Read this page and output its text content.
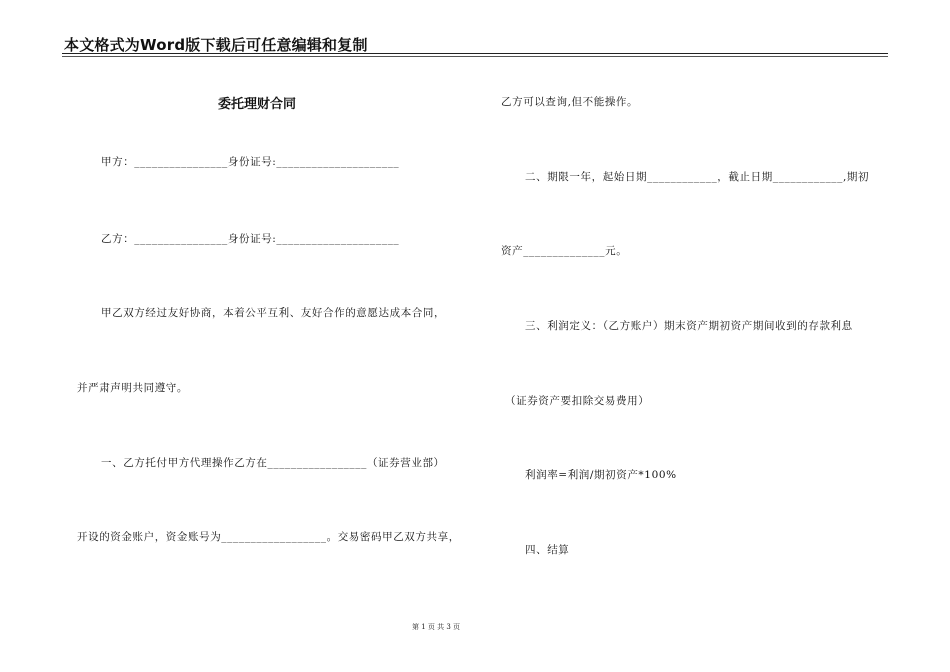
本文格式为Word版下载后可任意编辑和复制
委托理财合同
甲方：________________身份证号:_____________________
乙方：________________身份证号:_____________________
甲乙双方经过友好协商，本着公平互利、友好合作的意愿达成本合同，
并严肃声明共同遵守。
一、乙方托付甲方代理操作乙方在_________________（证券营业部）
开设的资金账户，资金账号为__________________。交易密码甲乙双方共享，
乙方可以查询,但不能操作。
二、期限一年，起始日期____________，截止日期____________,期初
资产______________元。
三、利润定义：（乙方账户）期末资产期初资产期间收到的存款利息
（证券资产要扣除交易费用）
利润率=利润/期初资产*100%
四、结算
第 1 页 共 3 页
